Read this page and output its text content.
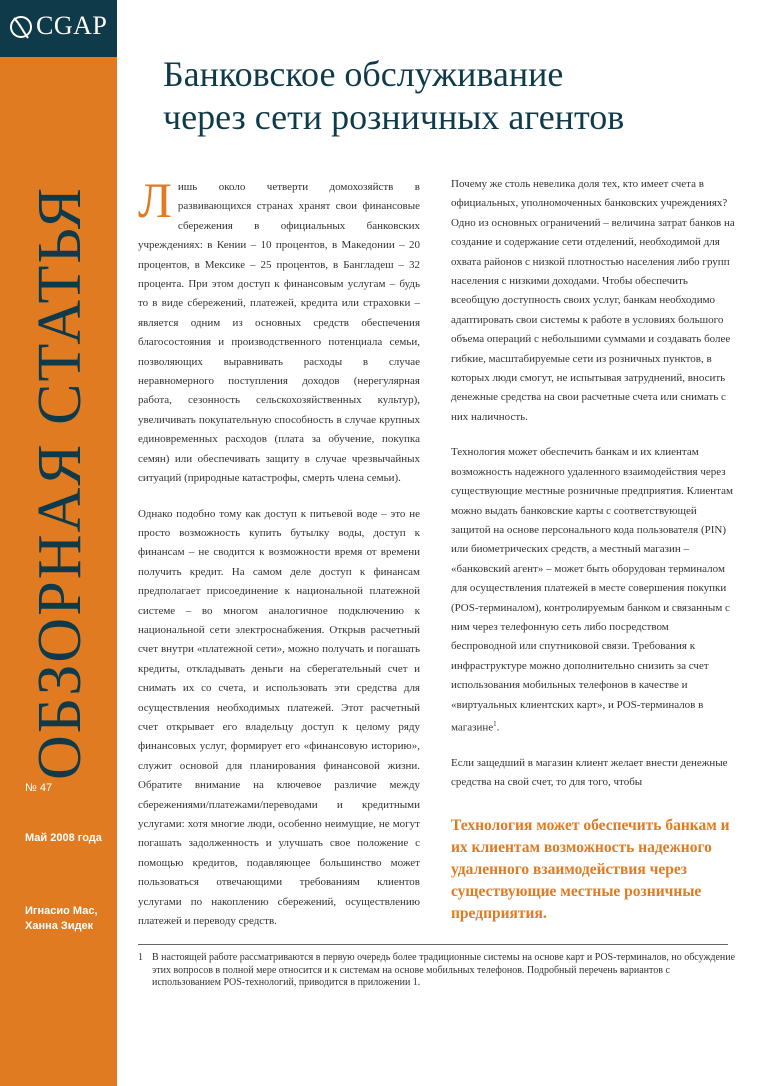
CGAP
ОБЗОРНАЯ СТАТЬЯ
№ 47
Май 2008 года
Игнасио Мас,
Ханна Зидек
Банковское обслуживание
через сети розничных агентов

Лишь около четверти домохозяйств в развивающихся странах хранят свои финансовые сбережения в официальных банковских учреждениях: в Кении – 10 процентов, в Македонии – 20 процентов, в Мексике – 25 процентов, в Бангладеш – 32 процента. При этом доступ к финансовым услугам – будь то в виде сбережений, платежей, кредита или страховки – является одним из основных средств обеспечения благосостояния и производственного потенциала семьи, позволяющих выравнивать расходы в случае неравномерного поступления доходов (нерегулярная работа, сезонность сельскохозяйственных культур), увеличивать покупательную способность в случае крупных единовременных расходов (плата за обучение, покупка семян) или обеспечивать защиту в случае чрезвычайных ситуаций (природные катастрофы, смерть члена семьи).

Однако подобно тому как доступ к питьевой воде – это не просто возможность купить бутылку воды, доступ к финансам – не сводится к возможности время от времени получить кредит. На самом деле доступ к финансам предполагает присоединение к национальной платежной системе – во многом аналогичное подключению к национальной сети электроснабжения. Открыв расчетный счет внутри «платежной сети», можно получать и погашать кредиты, откладывать деньги на сберегательный счет и снимать их со счета, и использовать эти средства для осуществления необходимых платежей. Этот расчетный счет открывает его владельцу доступ к целому ряду финансовых услуг, формирует его «финансовую историю», служит основой для планирования финансовой жизни. Обратите внимание на ключевое различие между сбережениями/платежами/переводами и кредитными услугами: хотя многие люди, особенно неимущие, не могут погашать задолженность и улучшать свое положение с помощью кредитов, подавляющее большинство может пользоваться отвечающими требованиям клиентов услугами по накоплению сбережений, осуществлению платежей и переводу средств.

Почему же столь невелика доля тех, кто имеет счета в официальных, уполномоченных банковских учреждениях? Одно из основных ограничений – величина затрат банков на создание и содержание сети отделений, необходимой для охвата районов с низкой плотностью населения либо групп населения с низкими доходами. Чтобы обеспечить всеобщую доступность своих услуг, банкам необходимо адаптировать свои системы к работе в условиях большого объема операций с небольшими суммами и создавать более гибкие, масштабируемые сети из розничных пунктов, в которых люди смогут, не испытывая затруднений, вносить денежные средства на свои расчетные счета или снимать с них наличность.

Технология может обеспечить банкам и их клиентам возможность надежного удаленного взаимодействия через существующие местные розничные предприятия. Клиентам можно выдать банковские карты с соответствующей защитой на основе персонального кода пользователя (PIN) или биометрических средств, а местный магазин – «банковский агент» – может быть оборудован терминалом для осуществления платежей в месте совершения покупки (POS-терминалом), контролируемым банком и связанным с ним через телефонную сеть либо посредством беспроводной или спутниковой связи. Требования к инфраструктуре можно дополнительно снизить за счет использования мобильных телефонов в качестве и «виртуальных клиентских карт», и POS-терминалов в магазине$^1$.

Если защедший в магазин клиент желает внести денежные средства на свой счет, то для того, чтобы

Технология может обеспечить банкам и их клиентам возможность надежного удаленного взаимодействия через существующие местные розничные предприятия.
1 В настоящей работе рассматриваются в первую очередь более традиционные системы на основе карт и POS-терминалов, но обсуждение этих вопросов в полной мере относится и к системам на основе мобильных телефонов. Подробный перечень вариантов с использованием POS-технологий, приводится в приложении 1.
